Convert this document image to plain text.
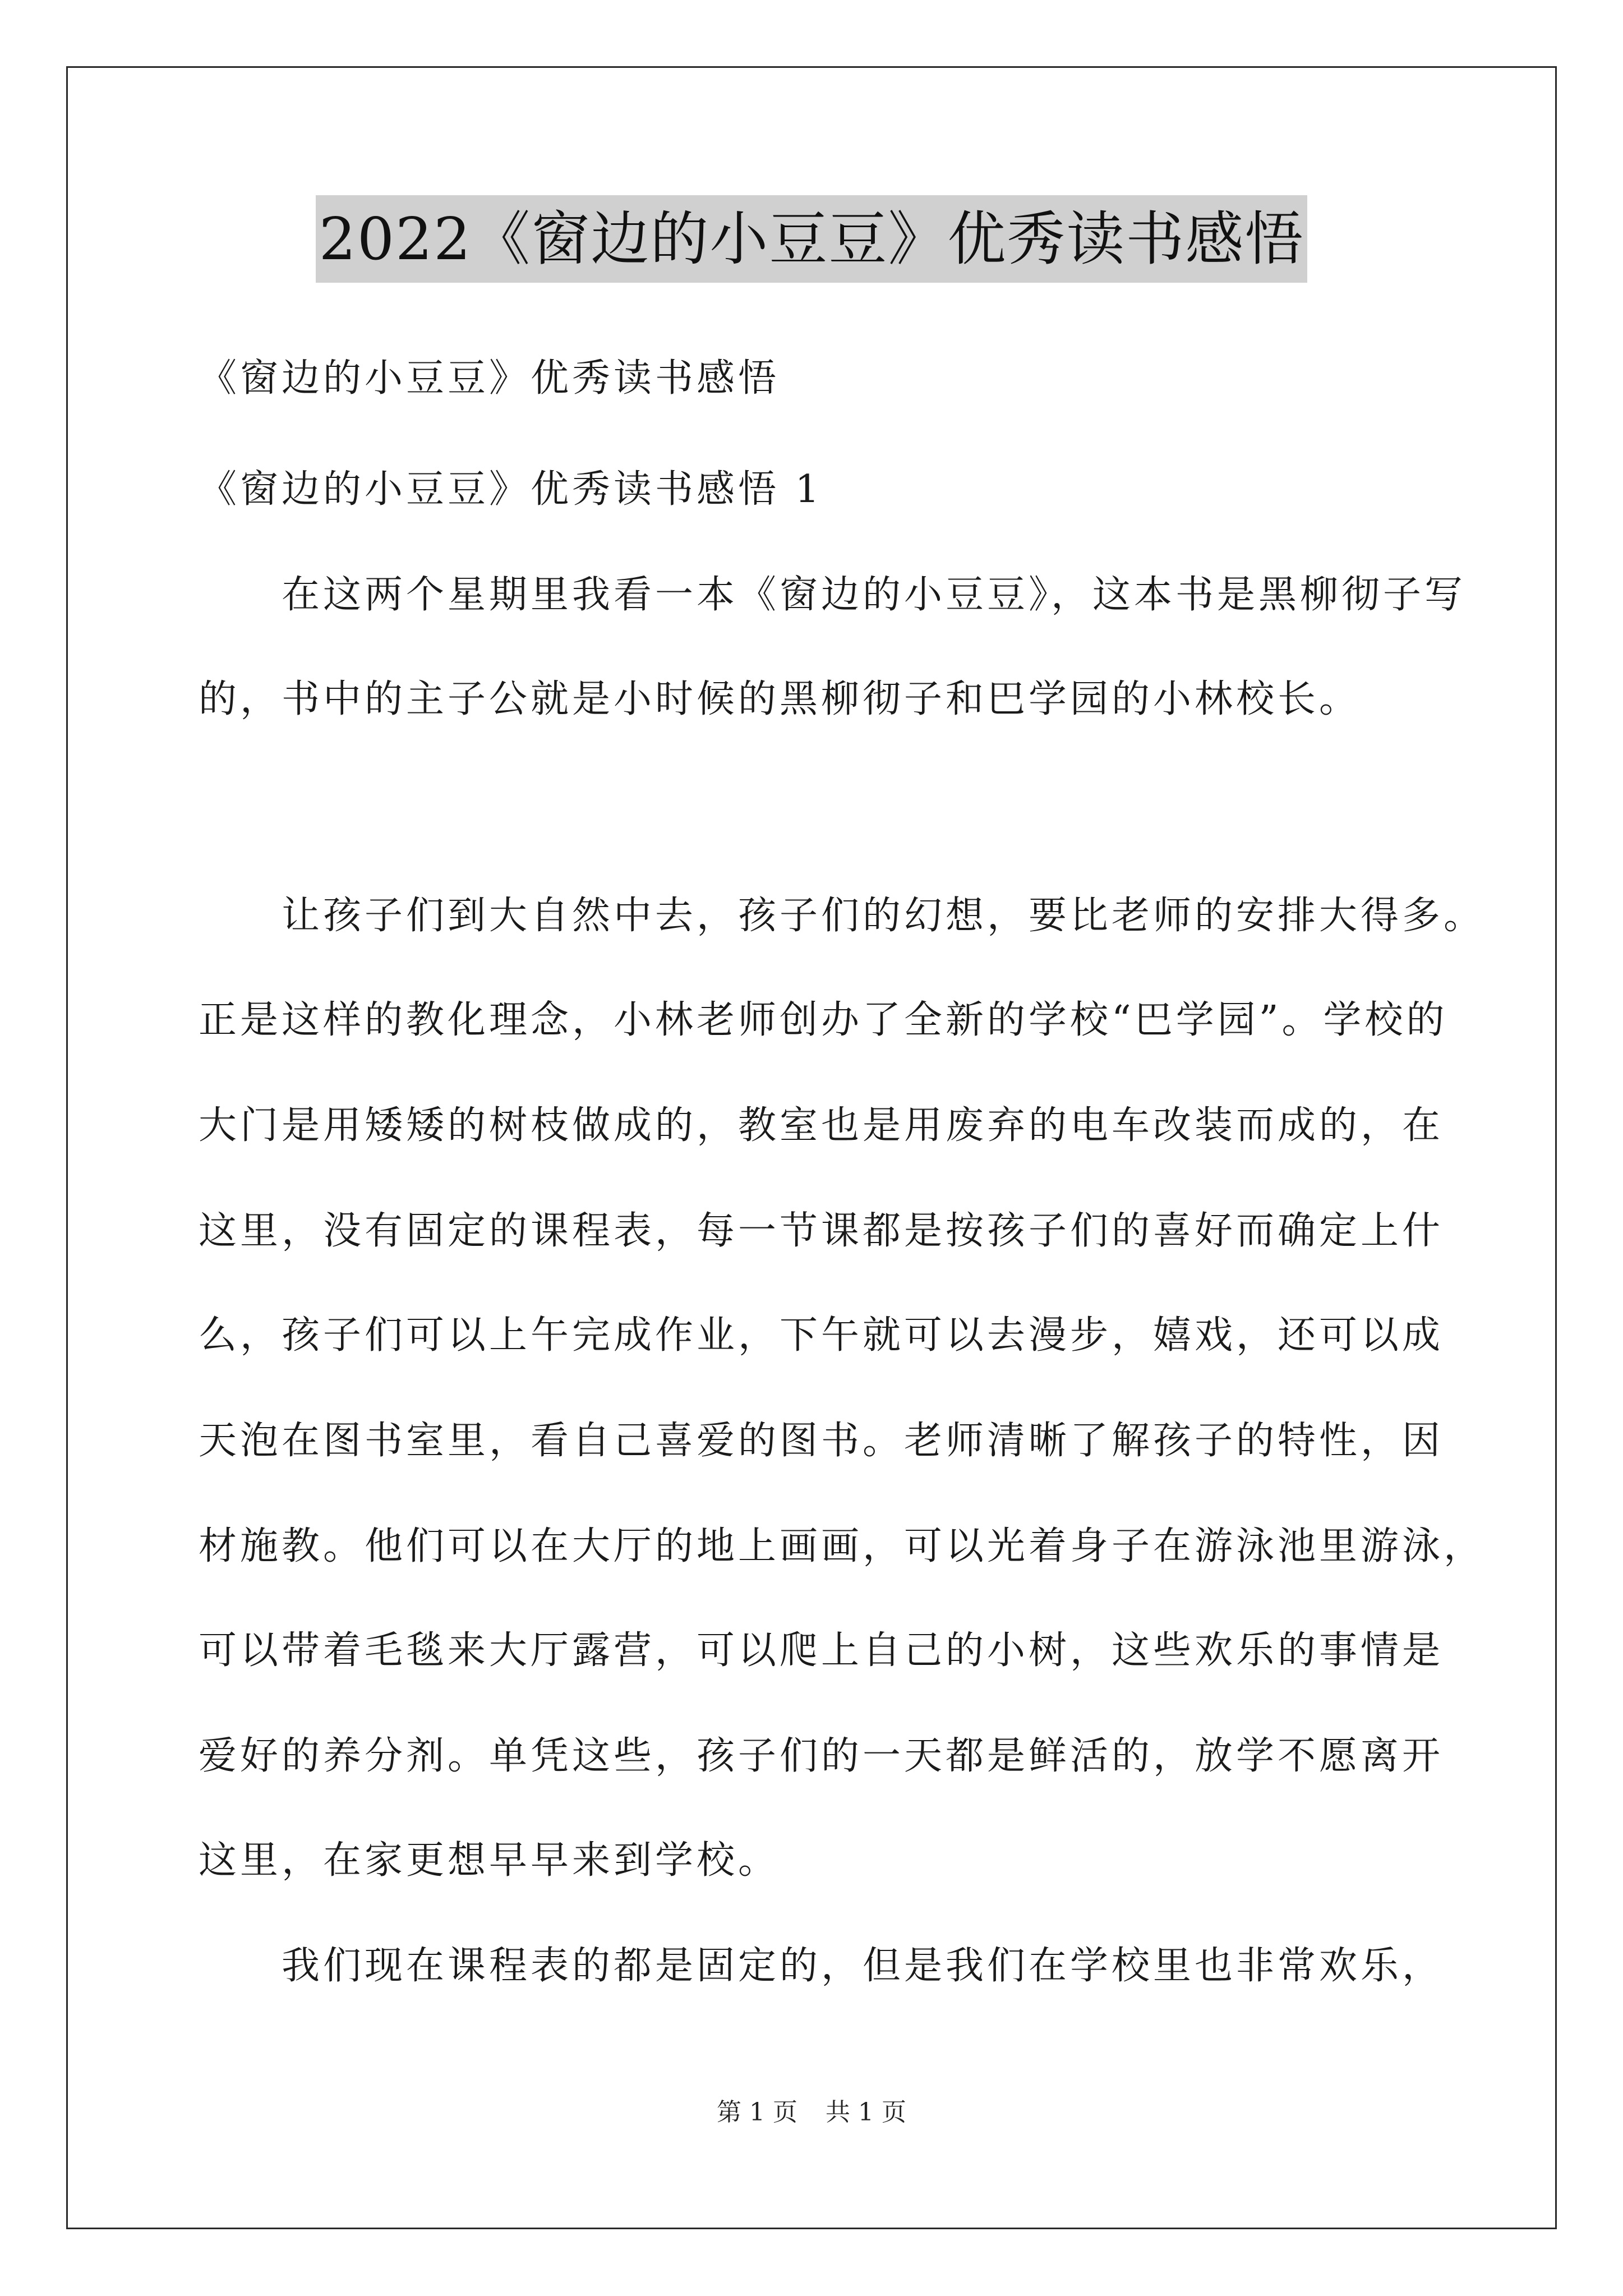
2022《窗边的小豆豆》优秀读书感悟
《窗边的小豆豆》优秀读书感悟
《窗边的小豆豆》优秀读书感悟 1
　　在这两个星期里我看一本《窗边的小豆豆》，这本书是黑柳彻子写
的，书中的主子公就是小时候的黑柳彻子和巴学园的小林校长。
　　让孩子们到大自然中去，孩子们的幻想，要比老师的安排大得多。
正是这样的教化理念，小林老师创办了全新的学校“巴学园”。学校的
大门是用矮矮的树枝做成的，教室也是用废弃的电车改装而成的，在
这里，没有固定的课程表，每一节课都是按孩子们的喜好而确定上什
么，孩子们可以上午完成作业，下午就可以去漫步，嬉戏，还可以成
天泡在图书室里，看自己喜爱的图书。老师清晰了解孩子的特性，因
材施教。他们可以在大厅的地上画画，可以光着身子在游泳池里游泳，
可以带着毛毯来大厅露营，可以爬上自己的小树，这些欢乐的事情是
爱好的养分剂。单凭这些，孩子们的一天都是鲜活的，放学不愿离开
这里，在家更想早早来到学校。
　　我们现在课程表的都是固定的，但是我们在学校里也非常欢乐，
第 1 页 共 1 页
